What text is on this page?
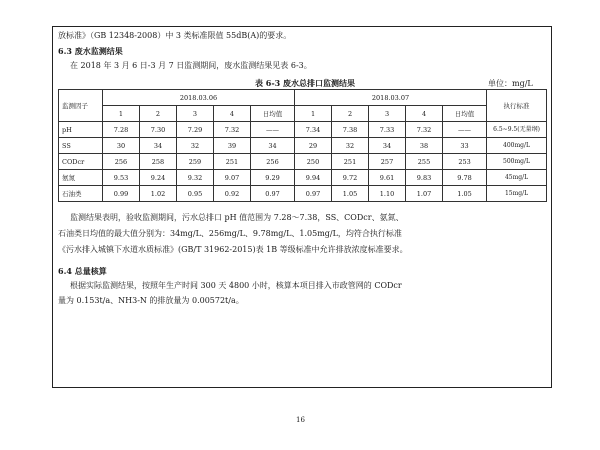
放标准》（GB 12348-2008）中 3 类标准限值 55dB(A)的要求。
6.3 废水监测结果
在 2018 年 3 月 6 日-3 月 7 日监测期间，废水监测结果见表 6-3。
表 6-3 废水总排口监测结果	单位：mg/L
监测因子	2018.03.06					2018.03.07					执行标准
	1	2	3	4	日均值	1	2	3	4	日均值	
pH	7.28	7.30	7.29	7.32	——	7.34	7.38	7.33	7.32	——	6.5~9.5(无量纲)
SS	30	34	32	39	34	29	32	34	38	33	400mg/L
CODcr	256	258	259	251	256	250	251	257	255	253	500mg/L
氨氮	9.53	9.24	9.32	9.07	9.29	9.94	9.72	9.61	9.83	9.78	45mg/L
石油类	0.99	1.02	0.95	0.92	0.97	0.97	1.05	1.10	1.07	1.05	15mg/L
监测结果表明，验收监测期间，污水总排口 pH 值范围为 7.28～7.38，SS、CODcr、氨氮、
石油类日均值的最大值分别为：34mg/L、256mg/L、9.78mg/L、1.05mg/L，均符合执行标准
《污水排入城镇下水道水质标准》(GB/T 31962-2015)表 1B 等级标准中允许排放浓度标准要求。
6.4 总量核算
根据实际监测结果，按照年生产时间 300 天 4800 小时，核算本项目排入市政管网的 CODcr
量为 0.153t/a、NH3-N 的排放量为 0.00572t/a。
16
